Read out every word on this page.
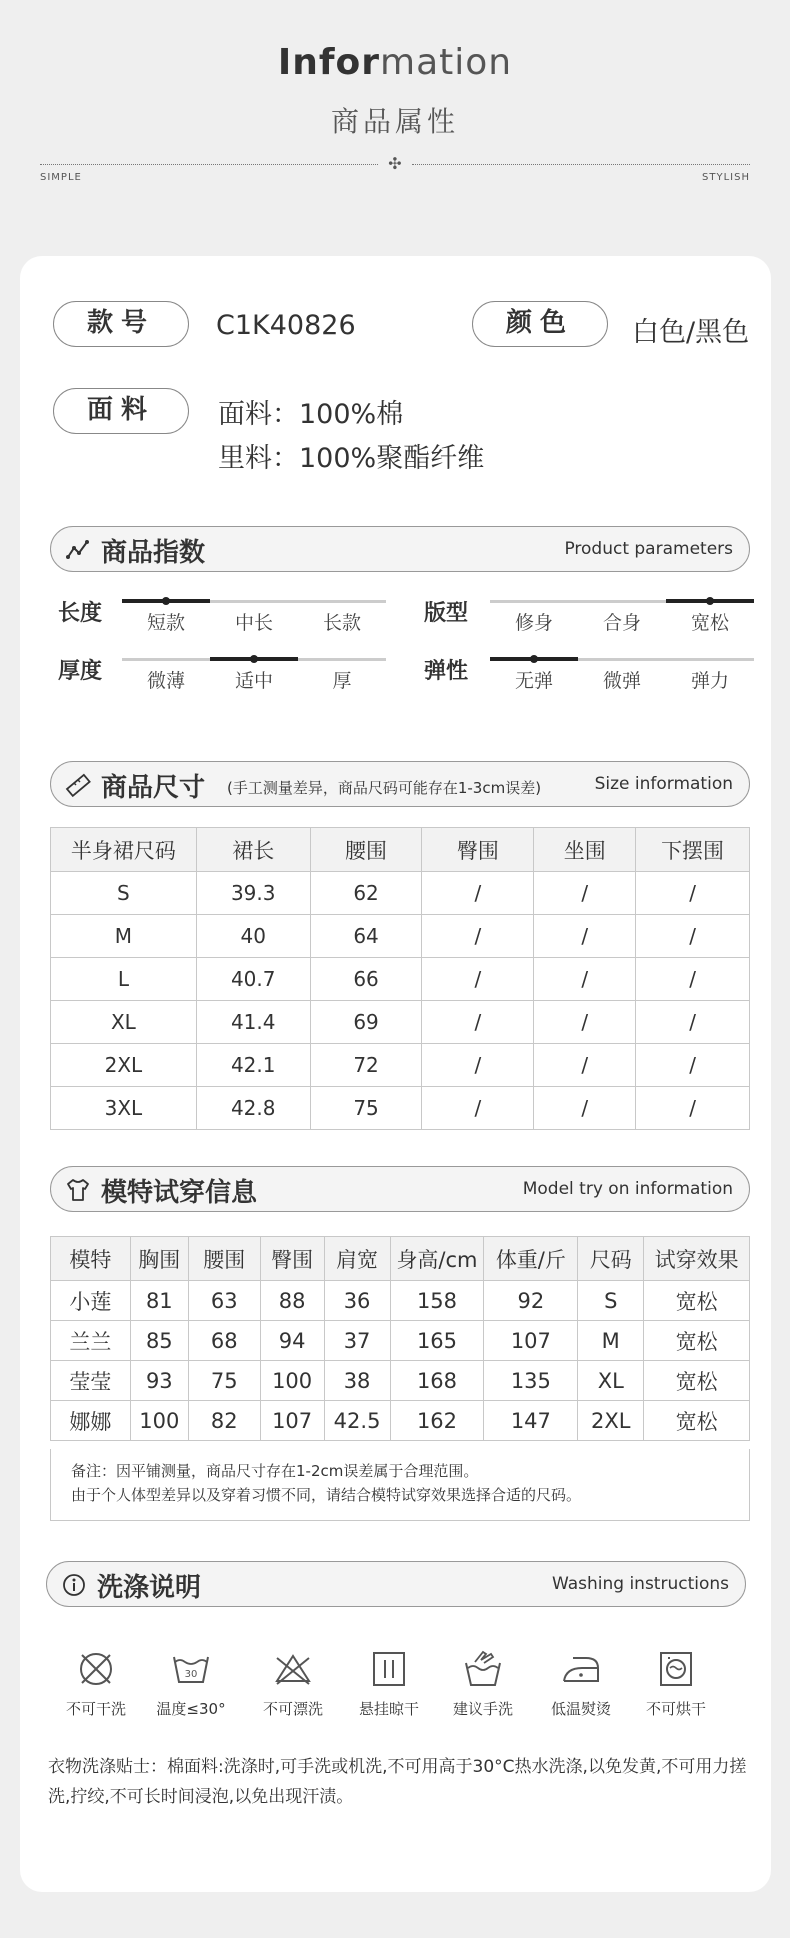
Information
商品属性
✣
SIMPLE	STYLISH
款号	C1K40826	颜色	白色/黑色
面料	面料：100%棉
里料：100%聚酯纤维
商品指数	Product parameters
长度	短款	中长	长款	版型	修身	合身	宽松
厚度	微薄	适中	厚	弹性	无弹	微弹	弹力
商品尺寸 (手工测量差异，商品尺码可能存在1-3cm误差)	Size information
半身裙尺码	裙长	腰围	臀围	坐围	下摆围
S	39.3	62	/	/	/
M	40	64	/	/	/
L	40.7	66	/	/	/
XL	41.4	69	/	/	/
2XL	42.1	72	/	/	/
3XL	42.8	75	/	/	/
模特试穿信息	Model try on information
模特	胸围	腰围	臀围	肩宽	身高/cm	体重/斤	尺码	试穿效果
小莲	81	63	88	36	158	92	S	宽松
兰兰	85	68	94	37	165	107	M	宽松
莹莹	93	75	100	38	168	135	XL	宽松
娜娜	100	82	107	42.5	162	147	2XL	宽松
备注：因平铺测量，商品尺寸存在1-2cm误差属于合理范围。
由于个人体型差异以及穿着习惯不同，请结合模特试穿效果选择合适的尺码。
洗涤说明	Washing instructions
不可干洗
30
温度≤30°	不可漂洗	悬挂晾干	建议手洗	低温熨烫	不可烘干
衣物洗涤贴士：棉面料:洗涤时,可手洗或机洗,不可用高于30°C热水洗涤,以免发黄,不可用力搓洗,拧绞,不可长时间浸泡,以免出现汗渍。
